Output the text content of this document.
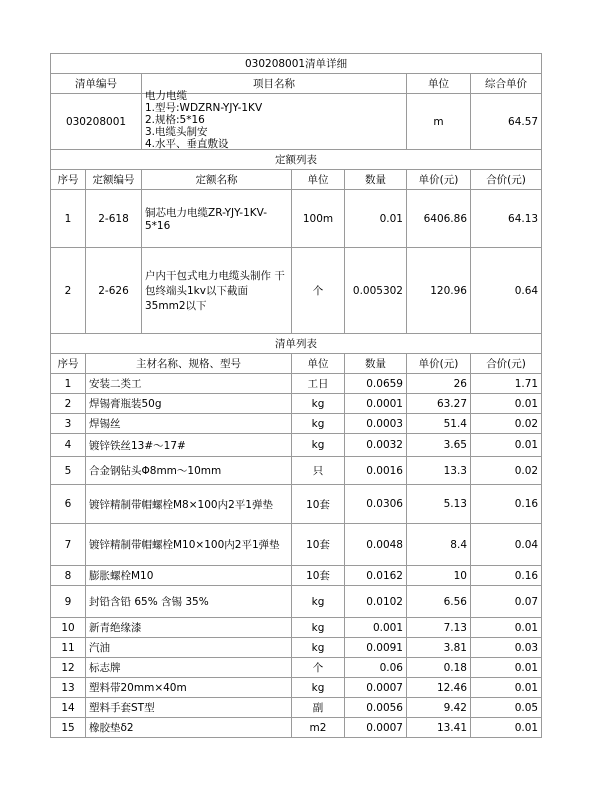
030208001清单详细						
清单编号		项目名称			单位	综合单价
030208001		电力电缆
1.型号:WDZRN-YJY-1KV
2.规格:5*16
3.电缆头制安
4.水平、垂直敷设			m	64.57
定额列表						
序号	定额编号	定额名称	单位	数量	单价(元)	合价(元)
1	2-618	铜芯电力电缆ZR-YJY-1KV-5*16	100m	0.01	6406.86	64.13
2	2-626	户内干包式电力电缆头制作 干包终端头1kv以下截面35mm2以下	个	0.005302	120.96	0.64
清单列表						
序号	主材名称、规格、型号		单位	数量	单价(元)	合价(元)
1	安装二类工		工日	0.0659	26	1.71
2	焊锡膏瓶装50g		kg	0.0001	63.27	0.01
3	焊锡丝		kg	0.0003	51.4	0.02
4	镀锌铁丝13#～17#		kg	0.0032	3.65	0.01
5	合金钢钻头Φ8mm～10mm		只	0.0016	13.3	0.02
6	镀锌精制带帽螺栓M8×100内2平1弹垫		10套	0.0306	5.13	0.16
7	镀锌精制带帽螺栓M10×100内2平1弹垫		10套	0.0048	8.4	0.04
8	膨胀螺栓M10		10套	0.0162	10	0.16
9	封铅含铅 65% 含锡 35%		kg	0.0102	6.56	0.07
10	新青绝缘漆		kg	0.001	7.13	0.01
11	汽油		kg	0.0091	3.81	0.03
12	标志牌		个	0.06	0.18	0.01
13	塑料带20mm×40m		kg	0.0007	12.46	0.01
14	塑料手套ST型		副	0.0056	9.42	0.05
15	橡胶垫δ2		m2	0.0007	13.41	0.01
